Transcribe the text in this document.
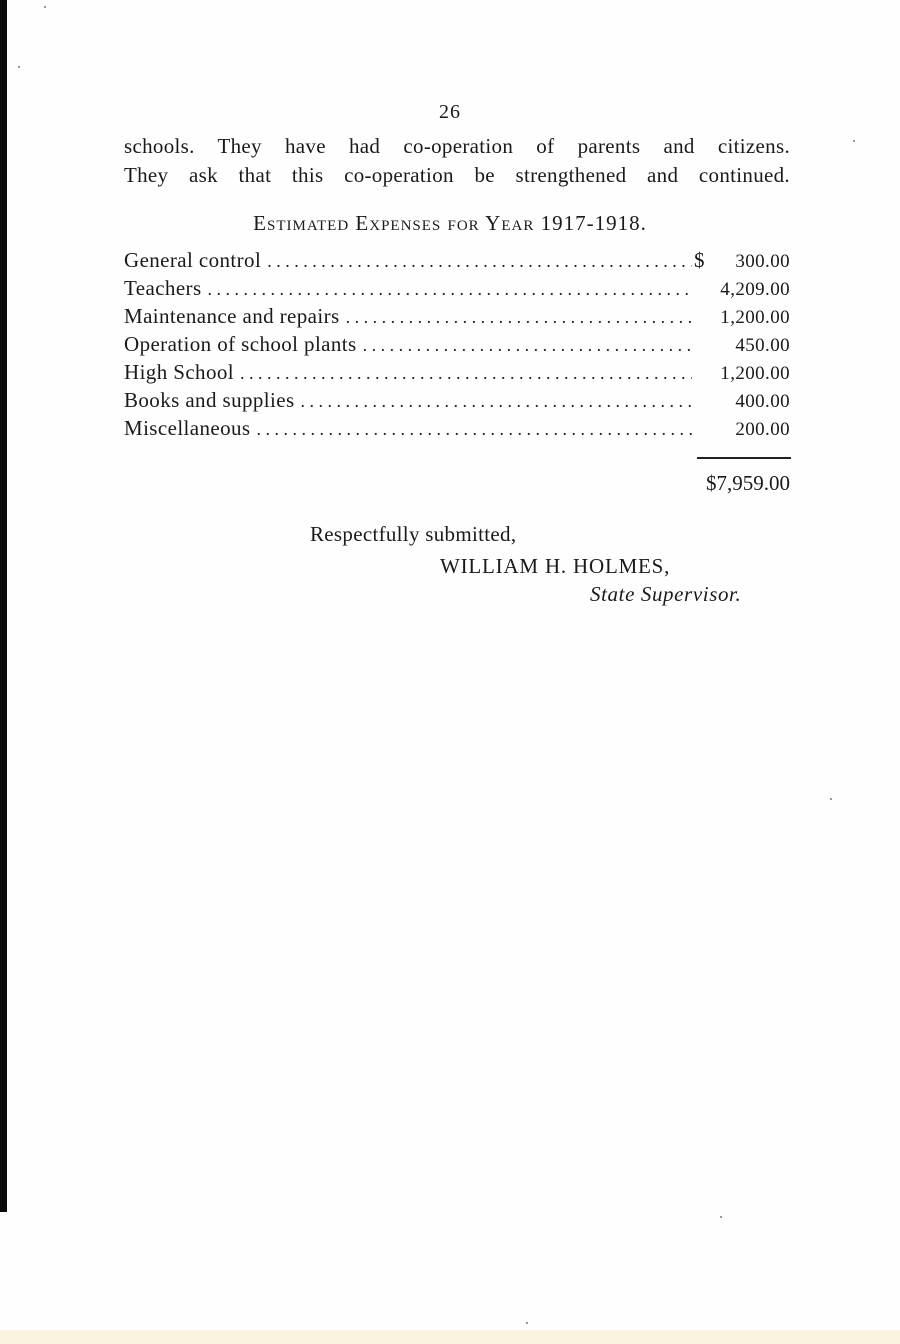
26
schools. They have had co-operation of parents and citizens.
They ask that this co-operation be strengthened and continued.
Estimated Expenses for Year 1917-1918.
General control . . .	$	300.00
Teachers . . .	4,209.00
Maintenance and repairs . . .	1,200.00
Operation of school plants . . .	450.00
High School . . .	1,200.00
Books and supplies . . .	400.00
Miscellaneous . . .	200.00
$7,959.00
Respectfully submitted,
WILLIAM H. HOLMES,
State Supervisor.
